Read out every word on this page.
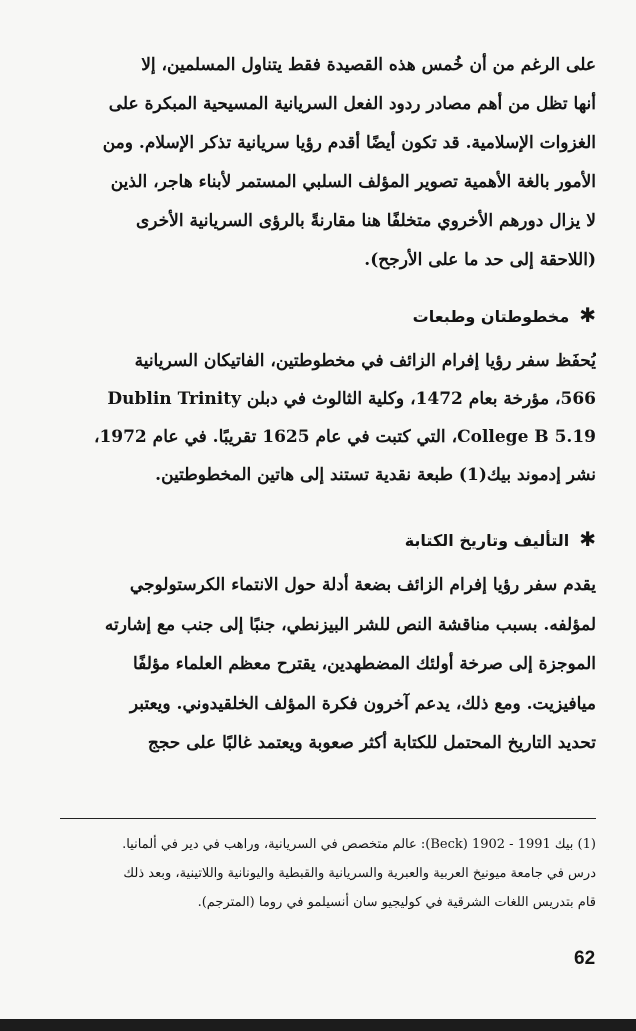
على الرغم من أن خُمس هذه القصيدة فقط يتناول المسلمين، إلا
أنها تظل من أهم مصادر ردود الفعل السريانية المسيحية المبكرة على
الغزوات الإسلامية. قد تكون أيضًا أقدم رؤيا سريانية تذكر الإسلام. ومن
الأمور بالغة الأهمية تصوير المؤلف السلبي المستمر لأبناء هاجر، الذين
لا يزال دورهم الأخروي متخلفًا هنا مقارنةً بالرؤى السريانية الأخرى
(اللاحقة إلى حد ما على الأرجح).
✱مخطوطتان وطبعات
يُحفَظ سفر رؤيا إفرام الزائف في مخطوطتين، الفاتيكان السريانية
566، مؤرخة بعام 1472، وكلية الثالوث في دبلن Dublin Trinity
College B 5.19، التي كتبت في عام 1625 تقريبًا. في عام 1972،
نشر إدموند بيك(1) طبعة نقدية تستند إلى هاتين المخطوطتين.
✱التأليف وتاريخ الكتابة
يقدم سفر رؤيا إفرام الزائف بضعة أدلة حول الانتماء الكرستولوجي
لمؤلفه. بسبب مناقشة النص للشر البيزنطي، جنبًا إلى جنب مع إشارته
الموجزة إلى صرخة أولئك المضطهدين، يقترح معظم العلماء مؤلفًا
ميافيزيت. ومع ذلك، يدعم آخرون فكرة المؤلف الخلقيدوني. ويعتبر
تحديد التاريخ المحتمل للكتابة أكثر صعوبة ويعتمد غالبًا على حجج
(1) بيك Beck) 1902 - 1991): عالم متخصص في السريانية، وراهب في دير في ألمانيا.
درس في جامعة ميونيخ العربية والعبرية والسريانية والقبطية واليونانية واللاتينية، وبعد ذلك
قام بتدريس اللغات الشرقية في كوليجيو سان أنسيلمو في روما (المترجم).
62
